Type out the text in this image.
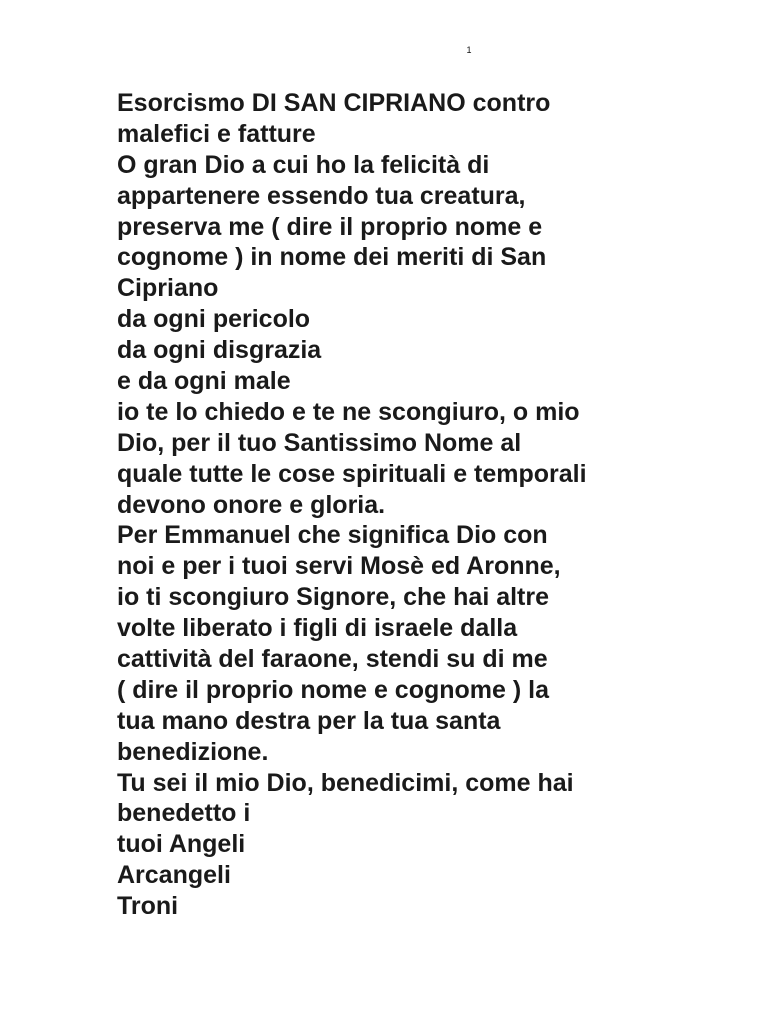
1
Esorcismo DI SAN CIPRIANO contro
malefici e fatture
O gran Dio a cui ho la felicità di
appartenere essendo tua creatura,
preserva me ( dire il proprio nome e
cognome ) in nome dei meriti di San
Cipriano
da ogni pericolo
da ogni disgrazia
e da ogni male
io te lo chiedo e te ne scongiuro, o mio
Dio, per il tuo Santissimo Nome al
quale tutte le cose spirituali e temporali
devono onore e gloria.
Per Emmanuel che significa Dio con
noi e per i tuoi servi Mosè ed Aronne,
io ti scongiuro Signore, che hai altre
volte liberato i figli di israele dalla
cattività del faraone, stendi su di me
( dire il proprio nome e cognome ) la
tua mano destra per la tua santa
benedizione.
Tu sei il mio Dio, benedicimi, come hai
benedetto i
tuoi Angeli
Arcangeli
Troni
